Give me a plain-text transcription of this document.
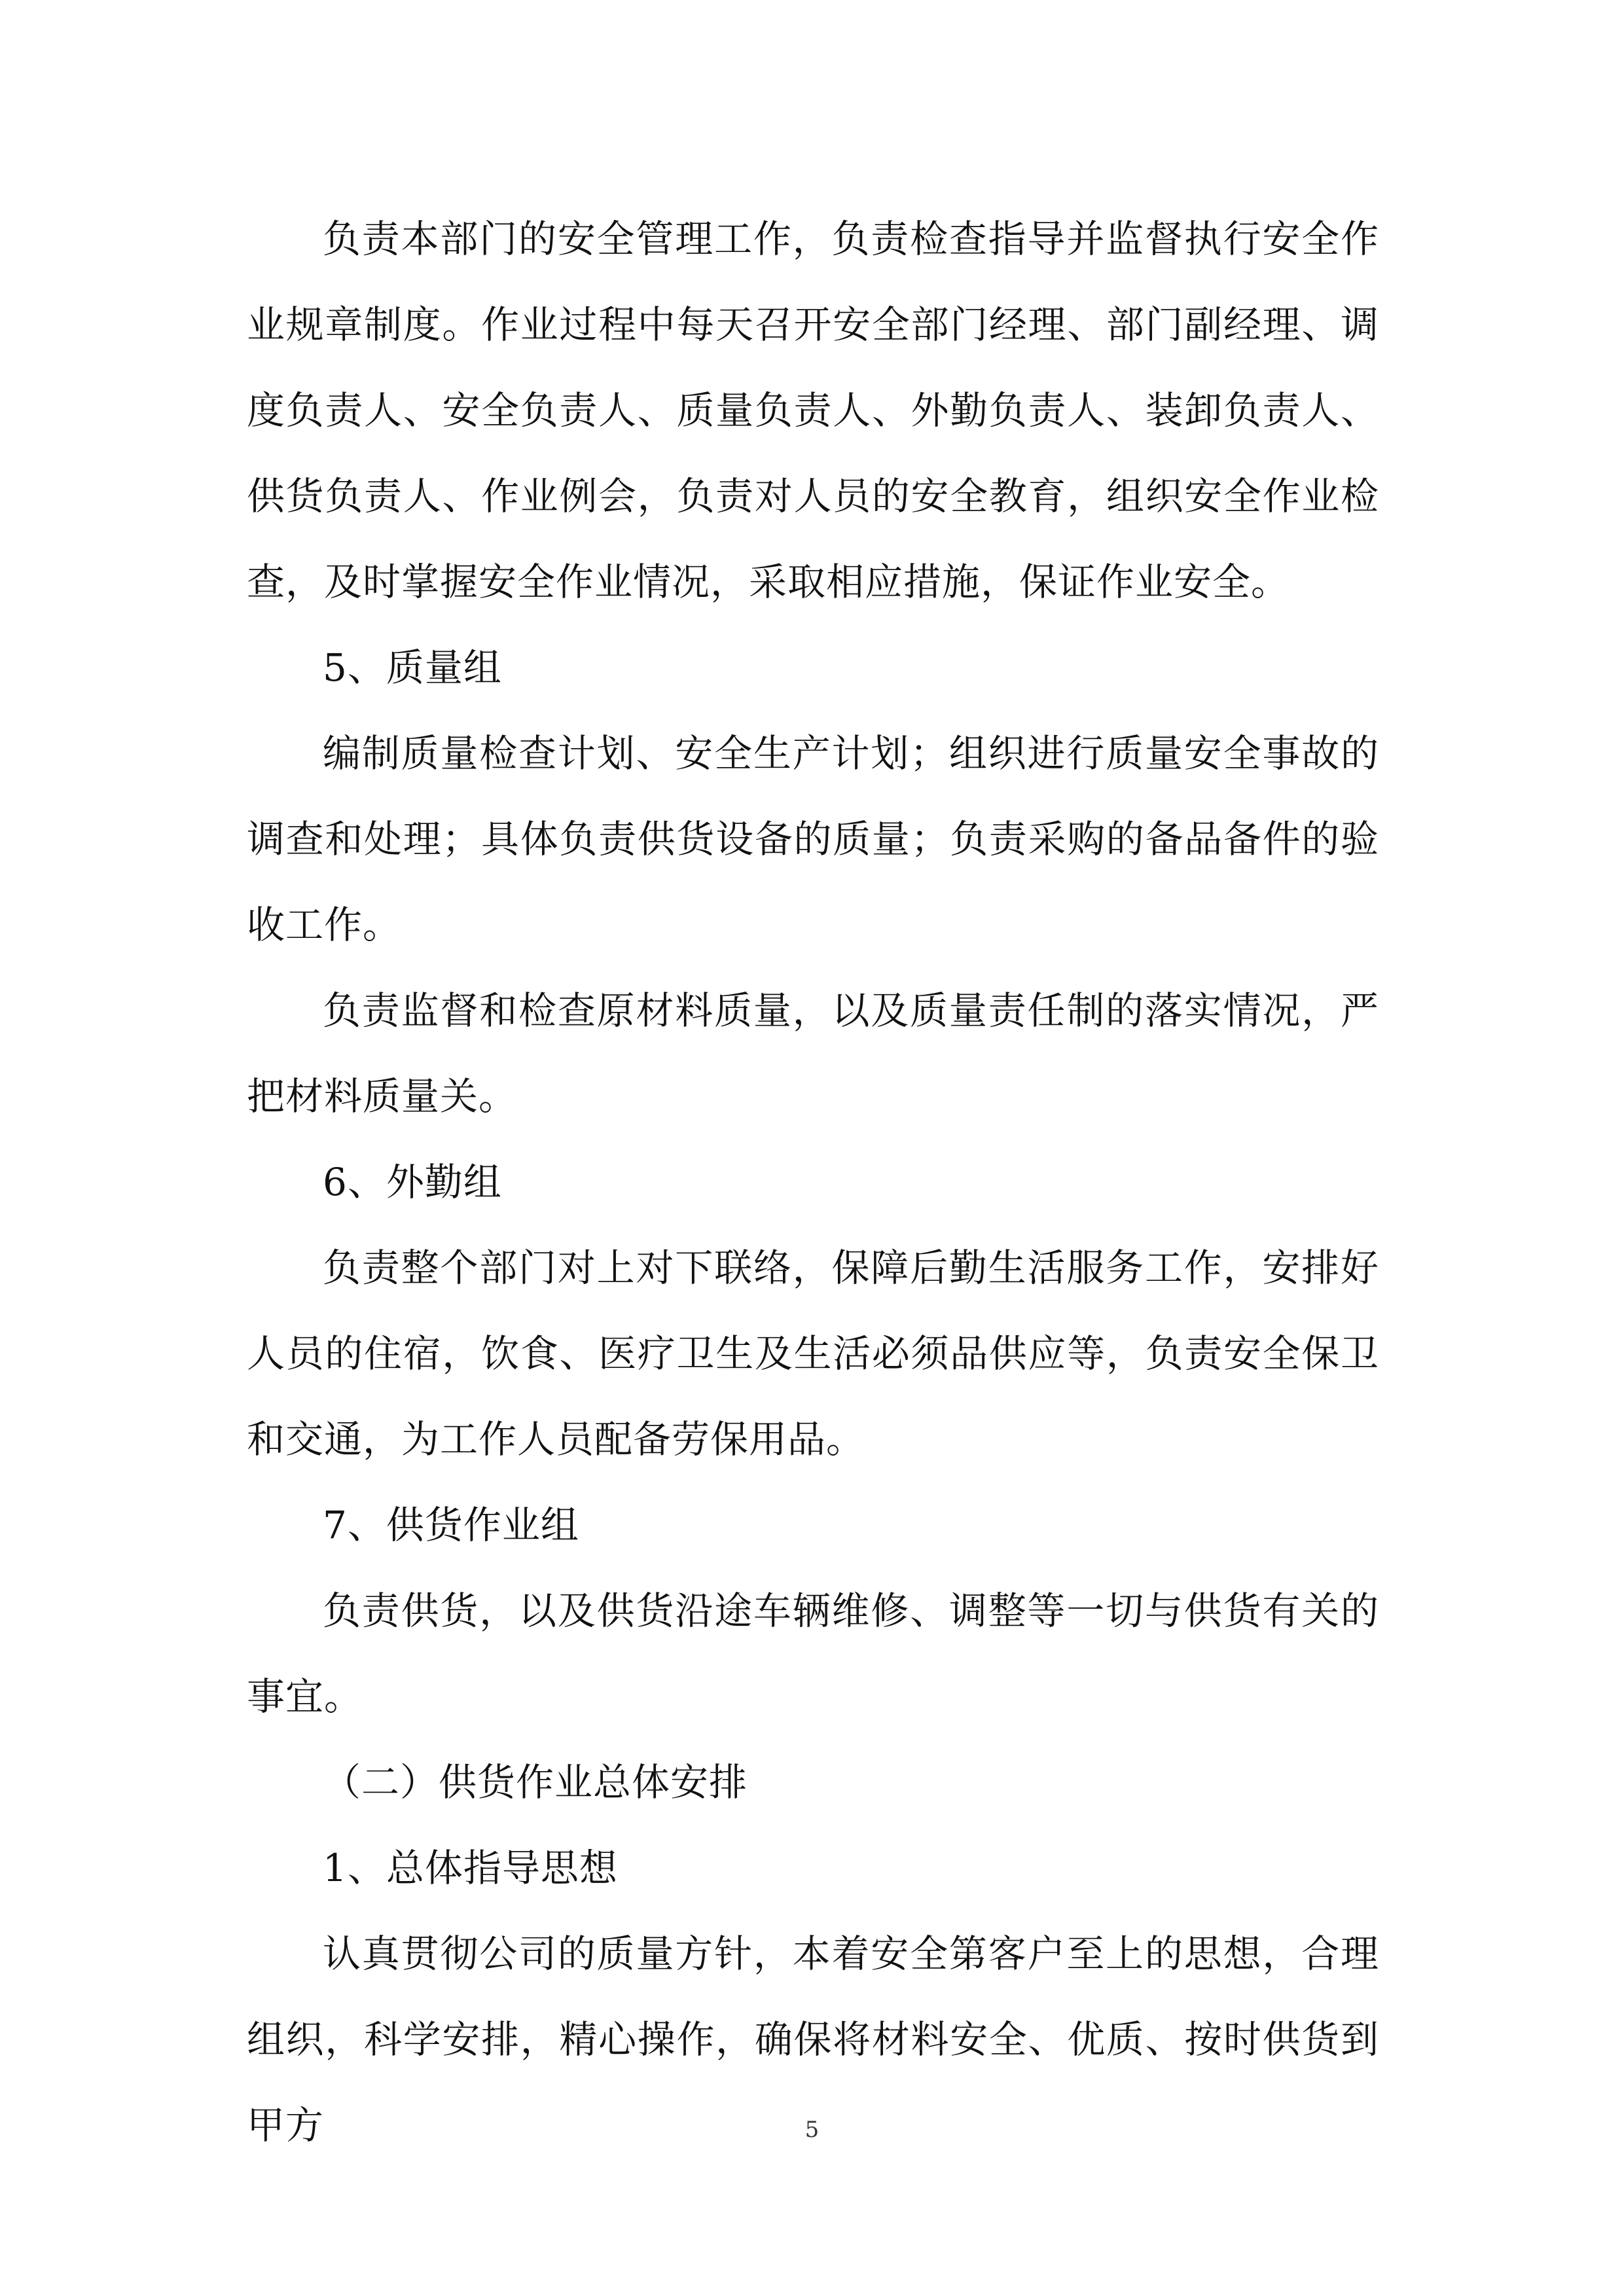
负责本部门的安全管理工作，负责检查指导并监督执行安全作业规章制度。作业过程中每天召开安全部门经理、部门副经理、调度负责人、安全负责人、质量负责人、外勤负责人、装卸负责人、供货负责人、作业例会，负责对人员的安全教育，组织安全作业检查，及时掌握安全作业情况，采取相应措施，保证作业安全。

5、质量组

编制质量检查计划、安全生产计划；组织进行质量安全事故的调查和处理；具体负责供货设备的质量；负责采购的备品备件的验收工作。

负责监督和检查原材料质量，以及质量责任制的落实情况，严把材料质量关。

6、外勤组

负责整个部门对上对下联络，保障后勤生活服务工作，安排好人员的住宿，饮食、医疗卫生及生活必须品供应等，负责安全保卫和交通，为工作人员配备劳保用品。

7、供货作业组

负责供货，以及供货沿途车辆维修、调整等一切与供货有关的事宜。

（二）供货作业总体安排

1、总体指导思想

认真贯彻公司的质量方针，本着安全第客户至上的思想，合理组织，科学安排，精心操作，确保将材料安全、优质、按时供货到甲方	5
